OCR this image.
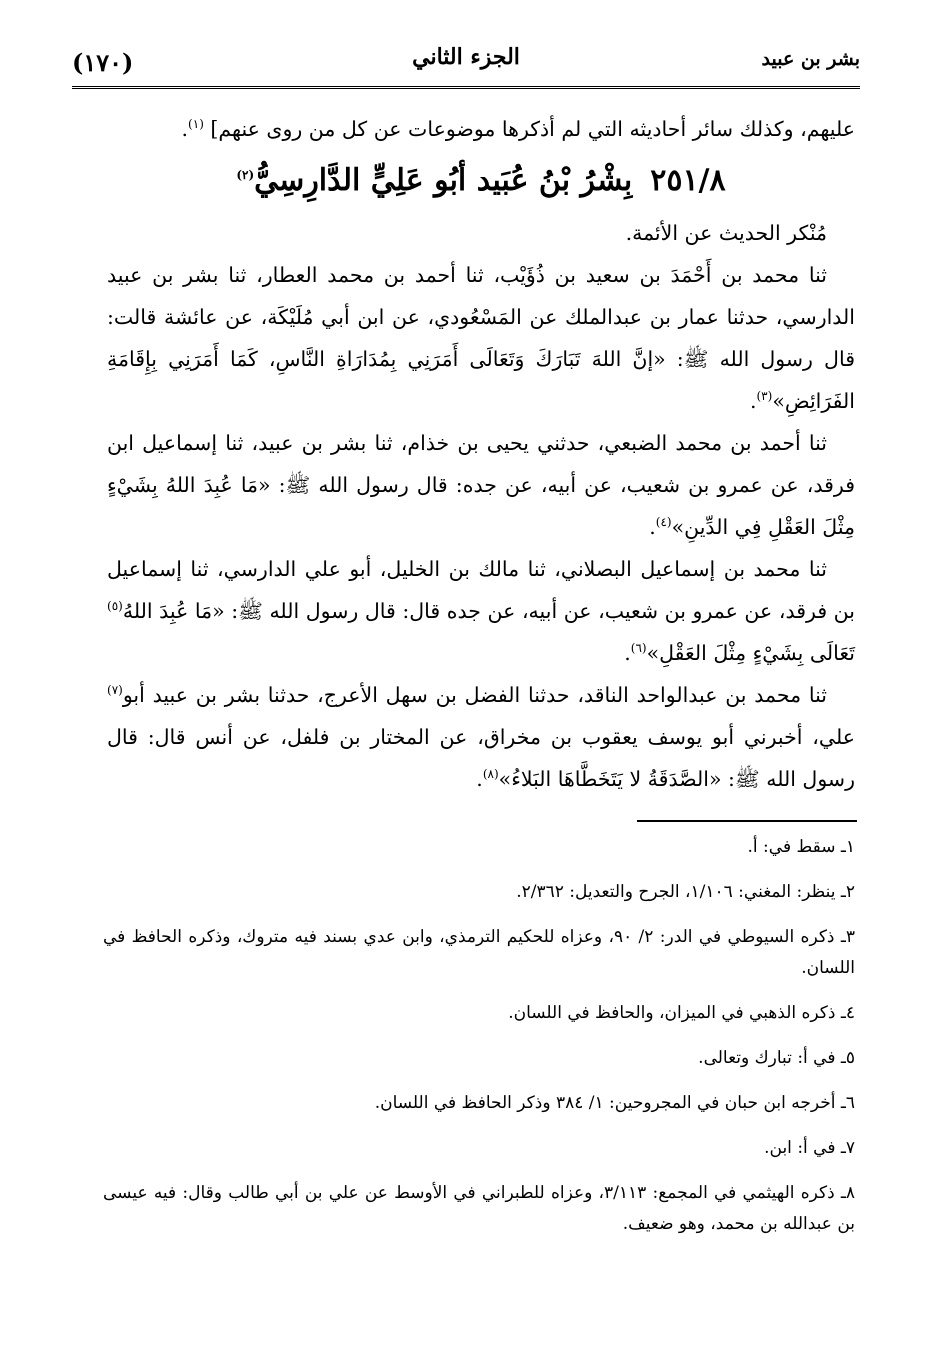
بشر بن عبيد
الجزء الثاني
(١٧٠)

عليهم، وكذلك سائر أحاديثه التي لم أذكرها موضوعات عن كل من روى عنهم] $^{(١)}$.

٢٥١/٨بِشْرُ بْنُ عُبَيد أبُو عَلِيٍّ الدَّارِسِيُّ$^{(٢)}$

مُنْكر الحديث عن الأئمة.

ثنا محمد بن أَحْمَدَ بن سعيد بن ذُؤَيْب، ثنا أحمد بن محمد العطار، ثنا بشر بن عبيد الدارسي، حدثنا عمار بن عبدالملك عن المَسْعُودي، عن ابن أبي مُلَيْكَة، عن عائشة قالت: قال رسول الله ﷺ: «إنَّ اللهَ تَبَارَكَ وَتَعَالَى أَمَرَنِي بِمُدَارَاةِ النَّاسِ، كَمَا أَمَرَنِي بِإِقَامَةِ الفَرَائِضِ»$^{(٣)}$.

ثنا أحمد بن محمد الضبعي، حدثني يحيى بن خذام، ثنا بشر بن عبيد، ثنا إسماعيل ابن فرقد، عن عمرو بن شعيب، عن أبيه، عن جده: قال رسول الله ﷺ: «مَا عُبِدَ اللهُ بِشَيْءٍ مِثْلَ العَقْلِ فِي الدِّينِ»$^{(٤)}$.

ثنا محمد بن إسماعيل البصلاني، ثنا مالك بن الخليل، أبو علي الدارسي، ثنا إسماعيل بن فرقد، عن عمرو بن شعيب، عن أبيه، عن جده قال: قال رسول الله ﷺ: «مَا عُبِدَ اللهُ$^{(٥)}$ تَعَالَى بِشَيْءٍ مِثْلَ العَقْلِ»$^{(٦)}$.

ثنا محمد بن عبدالواحد الناقد، حدثنا الفضل بن سهل الأعرج، حدثنا بشر بن عبيد أبو$^{(٧)}$ علي، أخبرني أبو يوسف يعقوب بن مخراق، عن المختار بن فلفل، عن أنس قال: قال رسول الله ﷺ: «الصَّدَقَةُ لا يَتَخَطَّاهَا البَلاءُ»$^{(٨)}$.

١ـ سقط في: أ.

٢ـ ينظر: المغني: ١/١٠٦، الجرح والتعديل: ٢/٣٦٢.

٣ـ ذكره السيوطي في الدر: ٢/ ٩٠، وعزاه للحكيم الترمذي، وابن عدي بسند فيه متروك، وذكره الحافظ في اللسان.

٤ـ ذكره الذهبي في الميزان، والحافظ في اللسان.

٥ـ في أ: تبارك وتعالى.

٦ـ أخرجه ابن حبان في المجروحين: ١/ ٣٨٤ وذكر الحافظ في اللسان.

٧ـ في أ: ابن.

٨ـ ذكره الهيثمي في المجمع: ٣/١١٣، وعزاه للطبراني في الأوسط عن علي بن أبي طالب وقال: فيه عيسى بن عبدالله بن محمد، وهو ضعيف.
